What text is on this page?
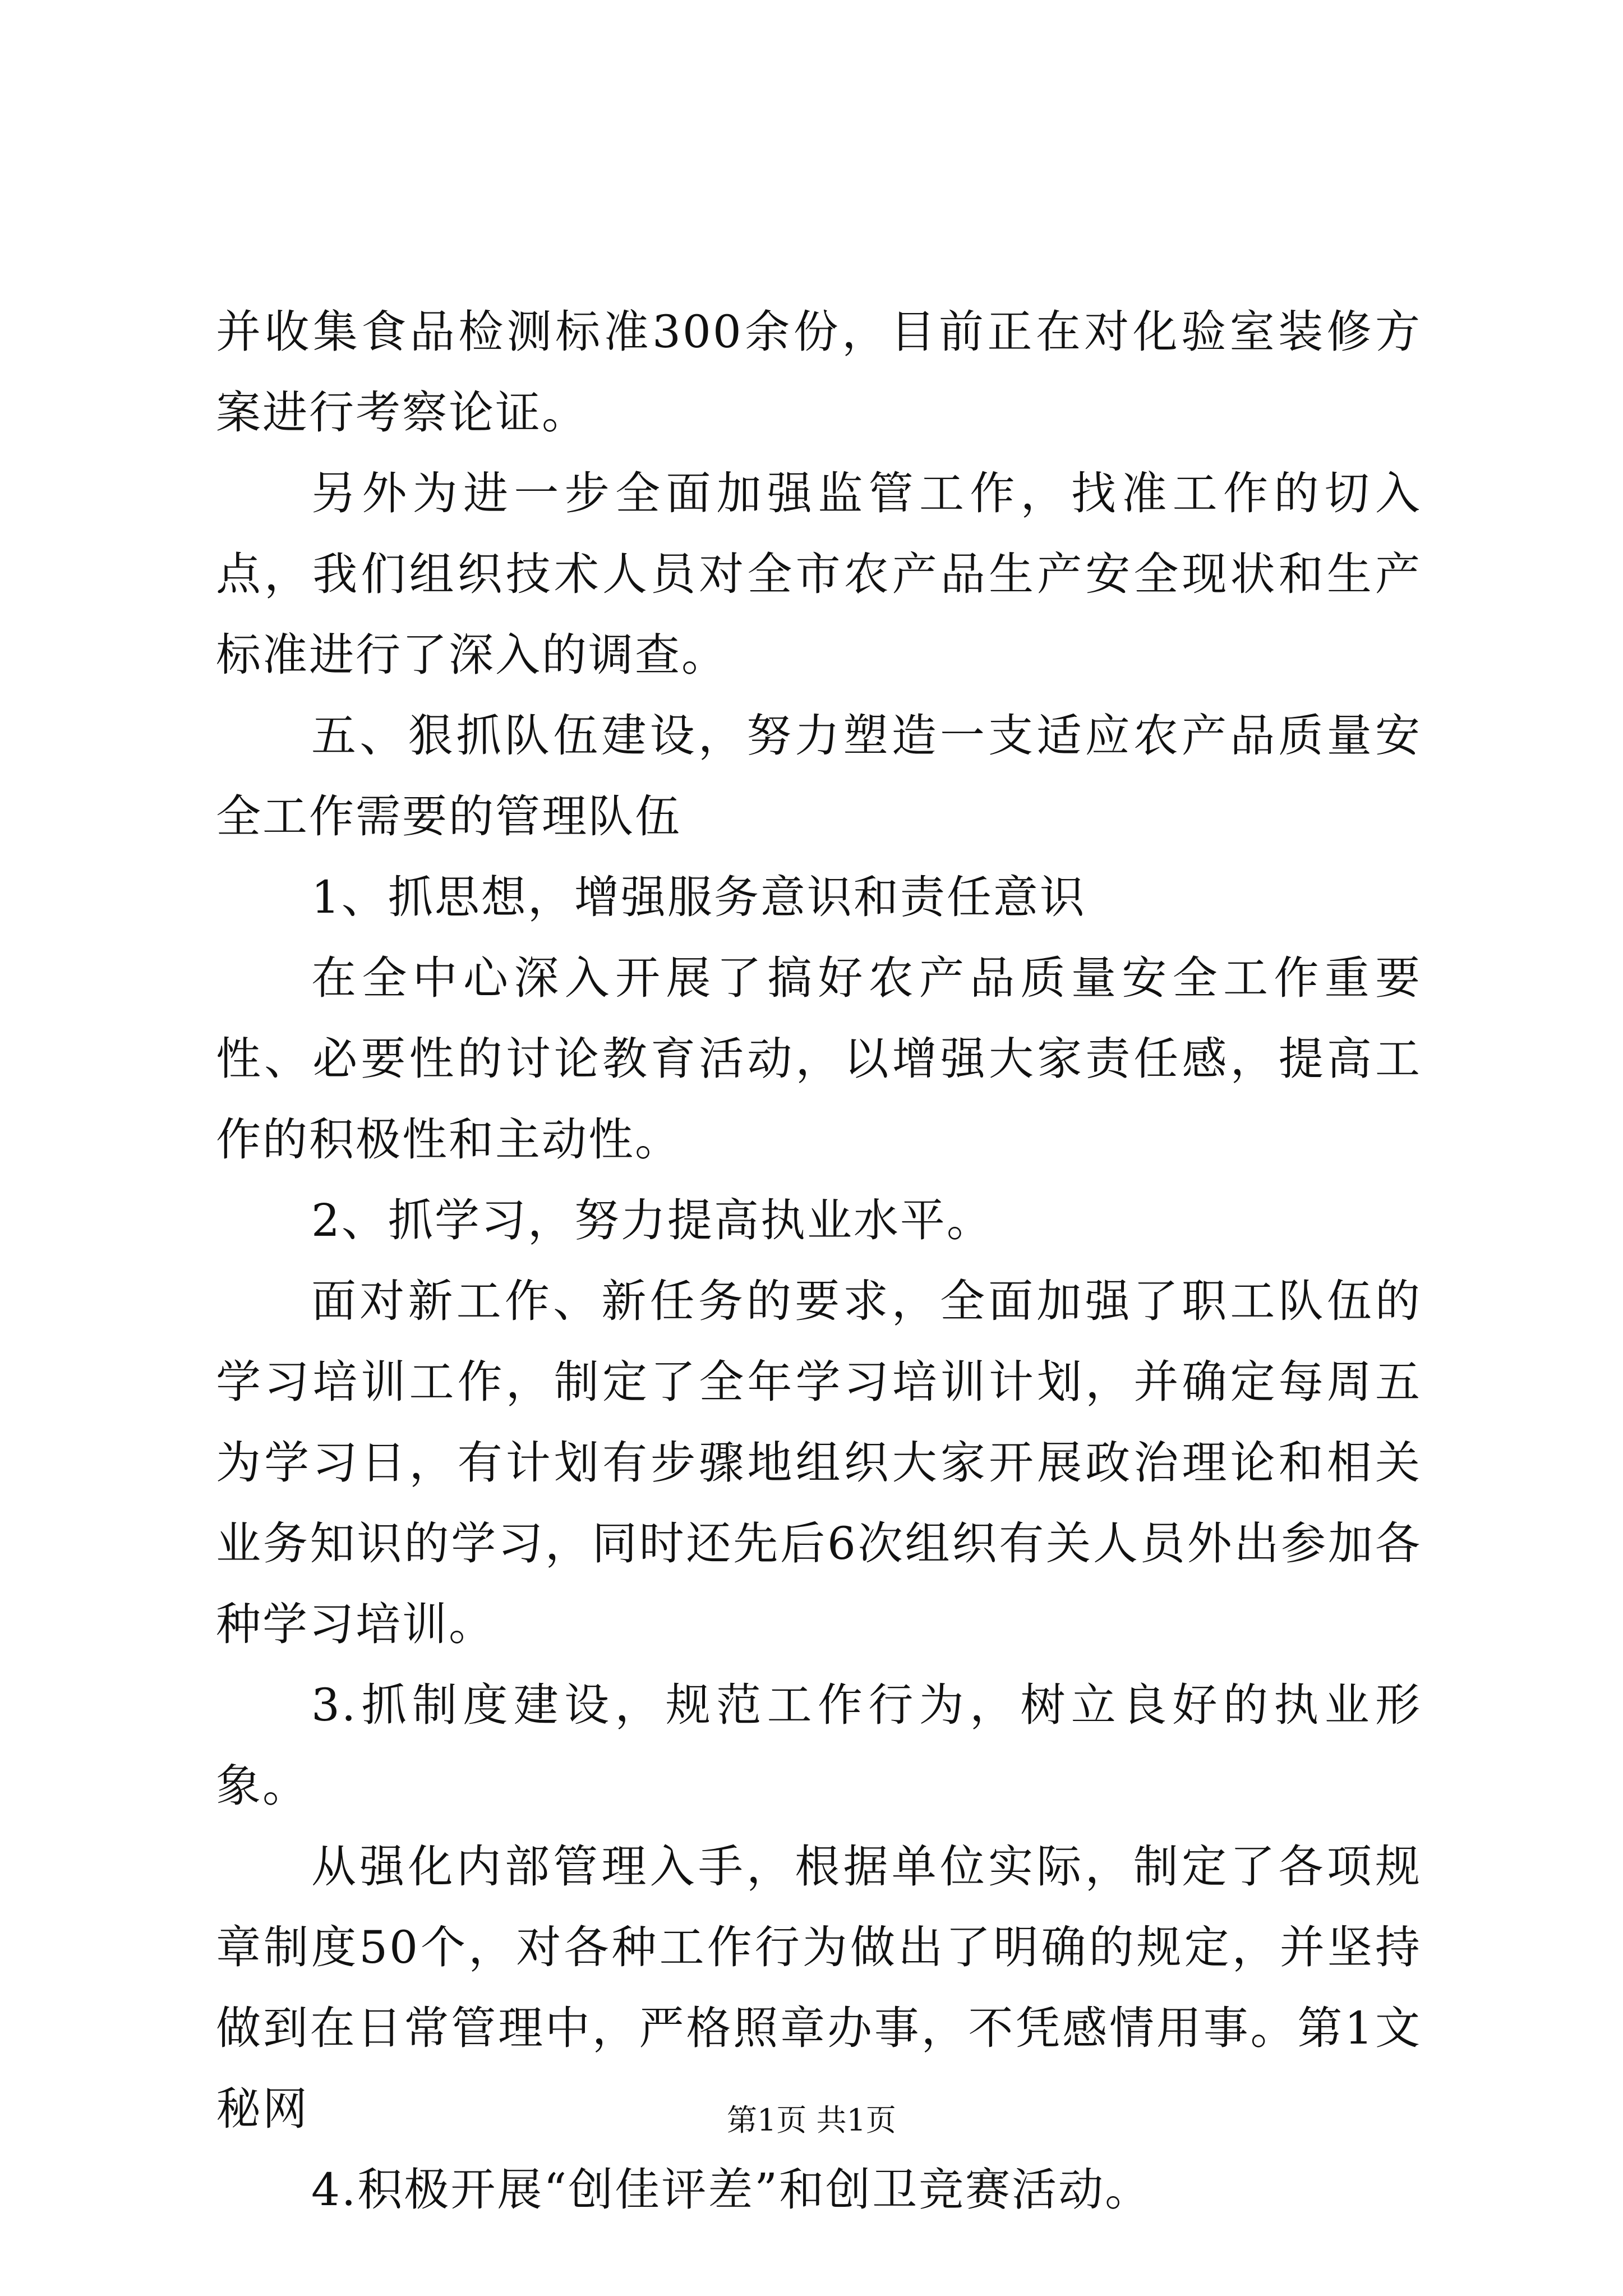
并收集食品检测标准300余份，目前正在对化验室装修方案进行考察论证。

另外为进一步全面加强监管工作，找准工作的切入点，我们组织技术人员对全市农产品生产安全现状和生产标准进行了深入的调查。

五、狠抓队伍建设，努力塑造一支适应农产品质量安全工作需要的管理队伍

1、抓思想，增强服务意识和责任意识

在全中心深入开展了搞好农产品质量安全工作重要性、必要性的讨论教育活动，以增强大家责任感，提高工作的积极性和主动性。

2、抓学习，努力提高执业水平。

面对新工作、新任务的要求，全面加强了职工队伍的学习培训工作，制定了全年学习培训计划，并确定每周五为学习日，有计划有步骤地组织大家开展政治理论和相关业务知识的学习，同时还先后6次组织有关人员外出参加各种学习培训。

3.抓制度建设，规范工作行为，树立良好的执业形象。

从强化内部管理入手，根据单位实际，制定了各项规章制度50个，对各种工作行为做出了明确的规定，并坚持做到在日常管理中，严格照章办事，不凭感情用事。第1文秘网

4.积极开展“创佳评差”和创卫竞赛活动。

第1页 共1页
